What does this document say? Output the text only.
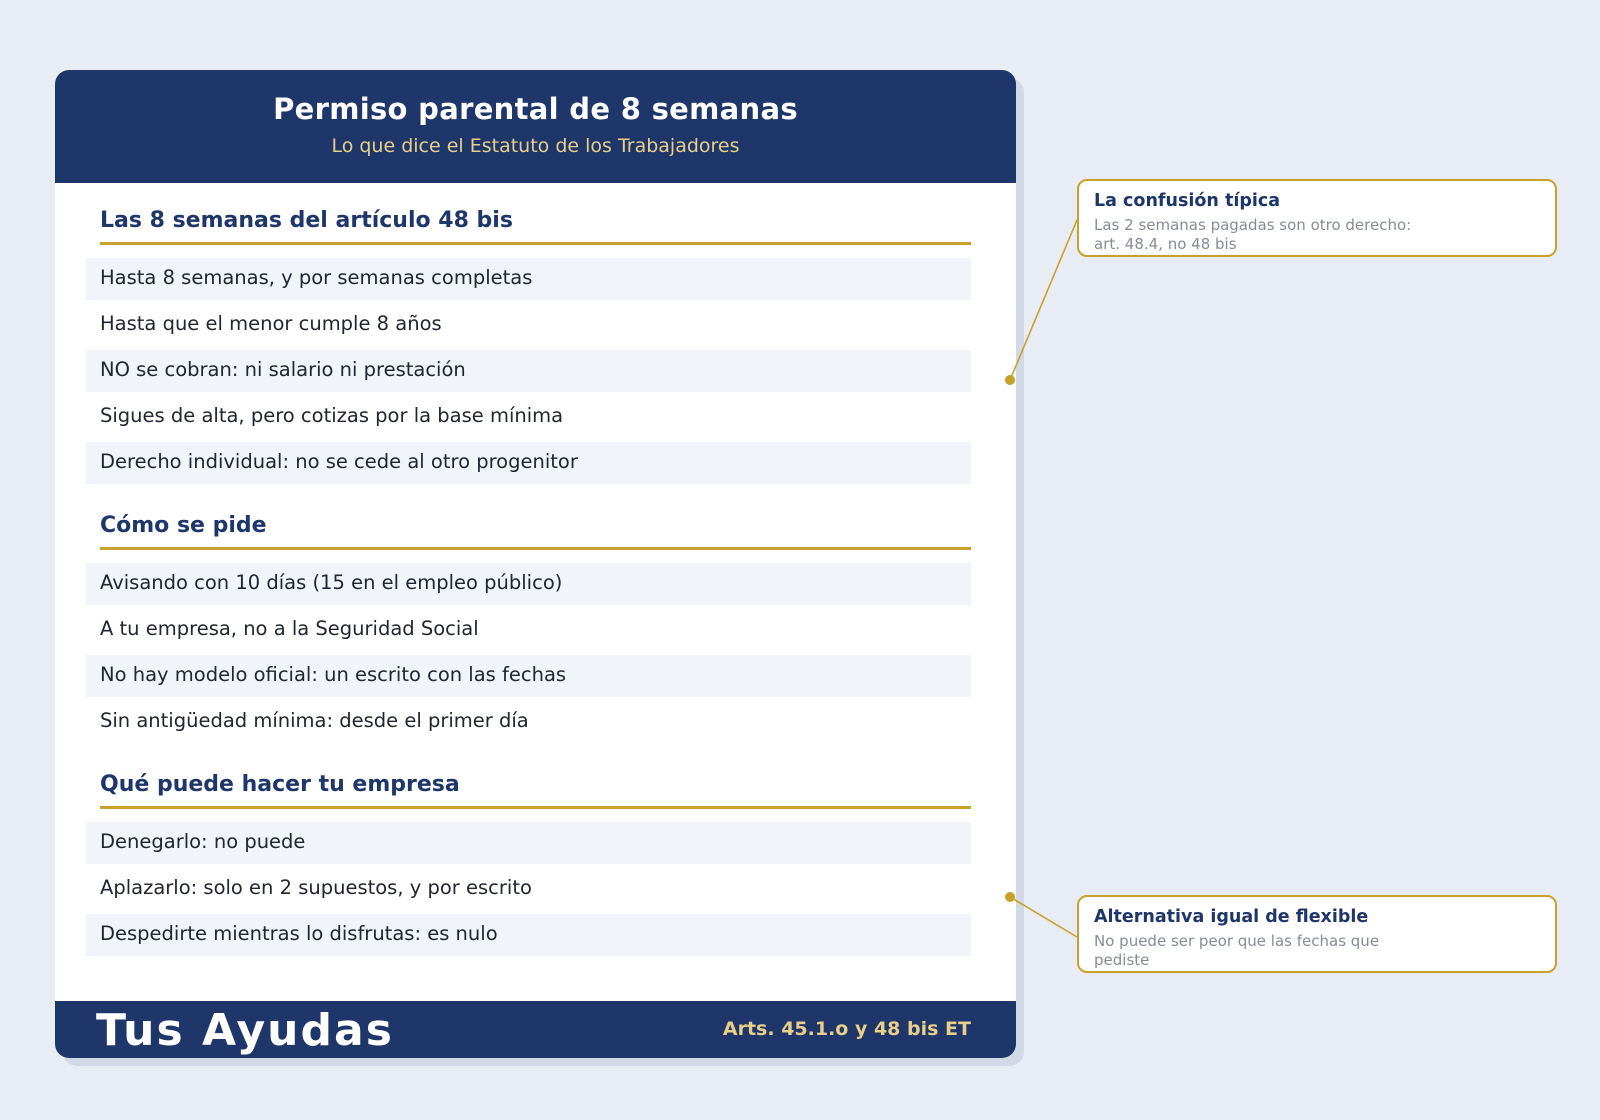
Permiso parental de 8 semanas
Lo que dice el Estatuto de los Trabajadores
Las 8 semanas del artículo 48 bis
Hasta 8 semanas, y por semanas completas
Hasta que el menor cumple 8 años
NO se cobran: ni salario ni prestación
Sigues de alta, pero cotizas por la base mínima
Derecho individual: no se cede al otro progenitor
Cómo se pide
Avisando con 10 días (15 en el empleo público)
A tu empresa, no a la Seguridad Social
No hay modelo oficial: un escrito con las fechas
Sin antigüedad mínima: desde el primer día
Qué puede hacer tu empresa
Denegarlo: no puede
Aplazarlo: solo en 2 supuestos, y por escrito
Despedirte mientras lo disfrutas: es nulo
Tus Ayudas	Arts. 45.1.o y 48 bis ET
La confusión típica
Las 2 semanas pagadas son otro derecho: art. 48.4, no 48 bis
Alternativa igual de flexible
No puede ser peor que las fechas que pediste
